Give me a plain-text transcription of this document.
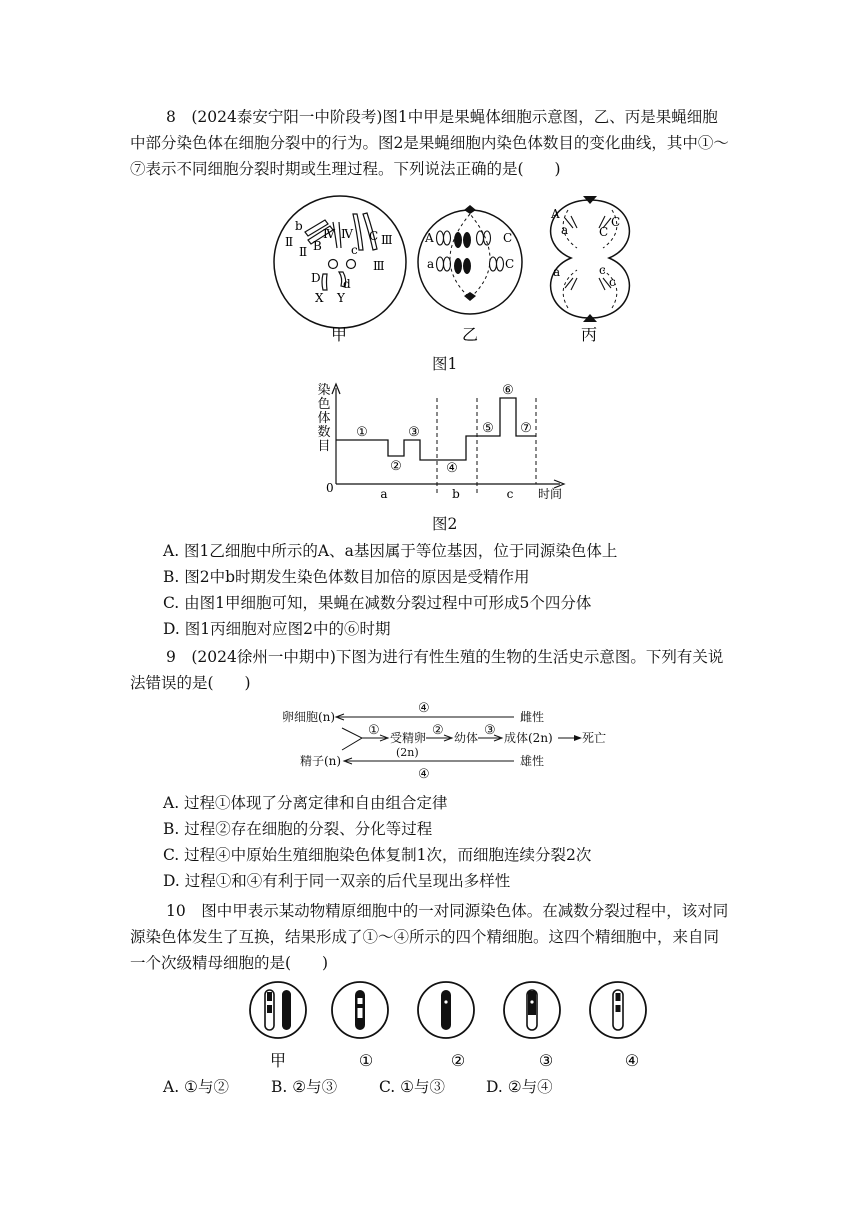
8　(2024泰安宁阳一中阶段考)图1中甲是果蝇体细胞示意图，乙、丙是果蝇细胞中部分染色体在细胞分裂中的行为。图2是果蝇细胞内染色体数目的变化曲线，其中①～⑦表示不同细胞分裂时期或生理过程。下列说法正确的是(　　)

b
Ⅱ
Ⅱ B
Ⅳ Ⅳ C
c
Ⅲ
Ⅲ
D d
X Y
A	C
a	C
A
a
C
C
a	c
c
甲	乙	丙
图1
染
色
体
数
目
0	时间
①
②
③
④
⑤
⑥
⑦
a	b	c
图2
A. 图1乙细胞中所示的A、a基因属于等位基因，位于同源染色体上
B. 图2中b时期发生染色体数目加倍的原因是受精作用
C. 由图1甲细胞可知，果蝇在减数分裂过程中可形成5个四分体
D. 图1丙细胞对应图2中的⑥时期

9　(2024徐州一中期中)下图为进行有性生殖的生物的生活史示意图。下列有关说法错误的是(　　)

卵细胞(n)
精子(n)
雌性
雄性
受精卵
(2n)
幼体 成体(2n) 死亡
④
④
①	②	③
A. 过程①体现了分离定律和自由组合定律
B. 过程②存在细胞的分裂、分化等过程
C. 过程④中原始生殖细胞染色体复制1次，而细胞连续分裂2次
D. 过程①和④有利于同一双亲的后代呈现出多样性

10　图中甲表示某动物精原细胞中的一对同源染色体。在减数分裂过程中，该对同源染色体发生了互换，结果形成了①～④所示的四个精细胞。这四个精细胞中，来自同一个次级精母细胞的是(　　)

甲	①	②	③	④
A. ①与②	B. ②与③	C. ①与③	D. ②与④
